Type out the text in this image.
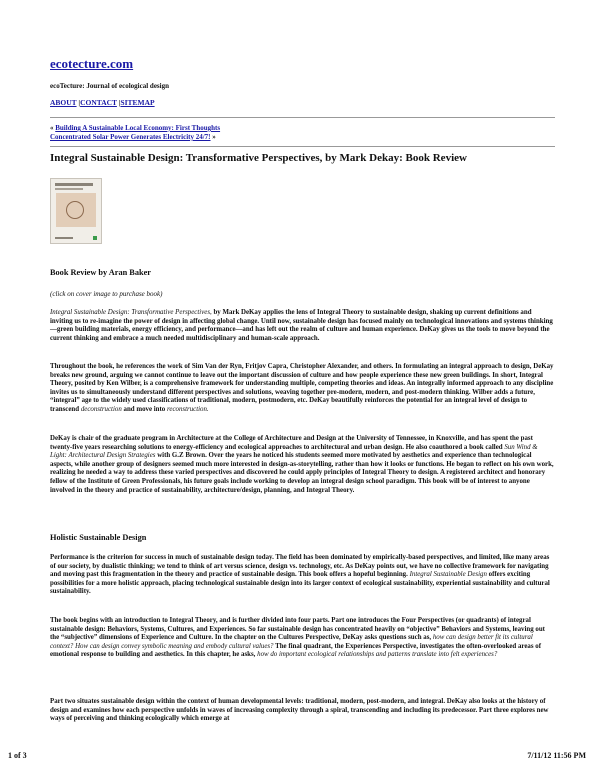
ecotecture.com
ecoTecture: Journal of ecological design
ABOUT |CONTACT |SITEMAP
« Building A Sustainable Local Economy: First Thoughts
Concentrated Solar Power Generates Electricity 24/7! »
Integral Sustainable Design: Transformative Perspectives, by Mark Dekay: Book Review
Book Review by Aran Baker
(click on cover image to purchase book)
Integral Sustainable Design: Transformative Perspectives, by Mark DeKay applies the lens of Integral Theory to sustainable design, shaking up current definitions and inviting us to re-imagine the power of design in affecting global change. Until now, sustainable design has focused mainly on technological innovations and systems thinking—green building materials, energy efficiency, and performance—and has left out the realm of culture and human experience. DeKay gives us the tools to move beyond the current thinking and embrace a much needed multidisciplinary and human-scale approach.
Throughout the book, he references the work of Sim Van der Ryn, Fritjov Capra, Christopher Alexander, and others. In formulating an integral approach to design, DeKay breaks new ground, arguing we cannot continue to leave out the important discussion of culture and how people experience these new green buildings. In short, Integral Theory, posited by Ken Wilber, is a comprehensive framework for understanding multiple, competing theories and ideas. An integrally informed approach to any discipline invites us to simultaneously understand different perspectives and solutions, weaving together pre-modern, modern, and post-modern thinking. Wilber adds a future, “integral” age to the widely used classifications of traditional, modern, postmodern, etc. DeKay beautifully reinforces the potential for an integral level of design to transcend deconstruction and move into reconstruction.
DeKay is chair of the graduate program in Architecture at the College of Architecture and Design at the University of Tennessee, in Knoxville, and has spent the past twenty-five years researching solutions to energy-efficiency and ecological approaches to architectural and urban design. He also coauthored a book called Sun Wind & Light: Architectural Design Strategies with G.Z Brown. Over the years he noticed his students seemed more motivated by aesthetics and experience than technological aspects, while another group of designers seemed much more interested in design-as-storytelling, rather than how it looks or functions. He began to reflect on his own work, realizing he needed a way to address these varied perspectives and discovered he could apply principles of Integral Theory to design. A registered architect and honorary fellow of the Institute of Green Professionals, his future goals include working to develop an integral design school paradigm. This book will be of interest to anyone involved in the theory and practice of sustainability, architecture/design, planning, and Integral Theory.
Holistic Sustainable Design
Performance is the criterion for success in much of sustainable design today. The field has been dominated by empirically-based perspectives, and limited, like many areas of our society, by dualistic thinking; we tend to think of art versus science, design vs. technology, etc. As DeKay points out, we have no collective framework for navigating and moving past this fragmentation in the theory and practice of sustainable design. This book offers a hopeful beginning. Integral Sustainable Design offers exciting possibilities for a more holistic approach, placing technological sustainable design into its larger context of ecological sustainability, experiential sustainability and cultural sustainability.
The book begins with an introduction to Integral Theory, and is further divided into four parts. Part one introduces the Four Perspectives (or quadrants) of integral sustainable design: Behaviors, Systems, Cultures, and Experiences. So far sustainable design has concentrated heavily on “objective” Behaviors and Systems, leaving out the “subjective” dimensions of Experience and Culture. In the chapter on the Cultures Perspective, DeKay asks questions such as, how can design better fit its cultural context? How can design convey symbolic meaning and embody cultural values? The final quadrant, the Experiences Perspective, investigates the often-overlooked areas of emotional response to building and aesthetics. In this chapter, he asks, how do important ecological relationships and patterns translate into felt experiences?
Part two situates sustainable design within the context of human developmental levels: traditional, modern, post-modern, and integral. DeKay also looks at the history of design and examines how each perspective unfolds in waves of increasing complexity through a spiral, transcending and including its predecessor. Part three explores new ways of perceiving and thinking ecologically which emerge at
1 of 3	7/11/12 11:56 PM
